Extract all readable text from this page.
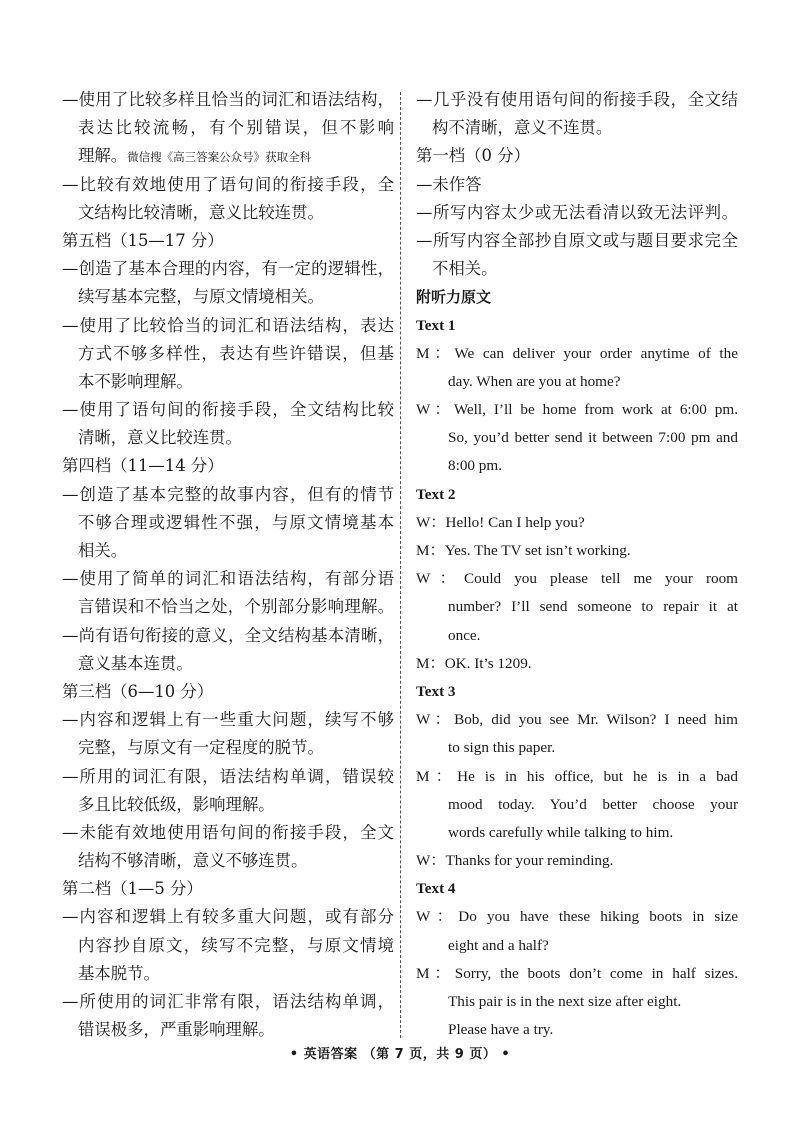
—使用了比较多样且恰当的词汇和语法结构，
表达比较流畅，有个别错误，但不影响
理解。微信搜《高三答案公众号》获取全科
—比较有效地使用了语句间的衔接手段，全
文结构比较清晰，意义比较连贯。
第五档（15—17 分）
—创造了基本合理的内容，有一定的逻辑性，
续写基本完整，与原文情境相关。
—使用了比较恰当的词汇和语法结构，表达
方式不够多样性，表达有些许错误，但基
本不影响理解。
—使用了语句间的衔接手段，全文结构比较
清晰，意义比较连贯。
第四档（11—14 分）
—创造了基本完整的故事内容，但有的情节
不够合理或逻辑性不强，与原文情境基本
相关。
—使用了简单的词汇和语法结构，有部分语
言错误和不恰当之处，个别部分影响理解。
—尚有语句衔接的意义，全文结构基本清晰，
意义基本连贯。
第三档（6—10 分）
—内容和逻辑上有一些重大问题，续写不够
完整，与原文有一定程度的脱节。
—所用的词汇有限，语法结构单调，错误较
多且比较低级，影响理解。
—未能有效地使用语句间的衔接手段，全文
结构不够清晰，意义不够连贯。
第二档（1—5 分）
—内容和逻辑上有较多重大问题，或有部分
内容抄自原文，续写不完整，与原文情境
基本脱节。
—所使用的词汇非常有限，语法结构单调，
错误极多，严重影响理解。
—几乎没有使用语句间的衔接手段，全文结
构不清晰，意义不连贯。
第一档（0 分）
—未作答
—所写内容太少或无法看清以致无法评判。
—所写内容全部抄自原文或与题目要求完全
不相关。
附听力原文
Text 1
M：We can deliver your order anytime of the
day. When are you at home?
W：Well, I’ll be home from work at 6:00 pm.
So, you’d better send it between 7:00 pm and
8:00 pm.
Text 2
W：Hello! Can I help you?
M：Yes. The TV set isn’t working.
W：Could you please tell me your room
number? I’ll send someone to repair it at
once.
M：OK. It’s 1209.
Text 3
W：Bob, did you see Mr. Wilson? I need him
to sign this paper.
M：He is in his office, but he is in a bad
mood today. You’d better choose your
words carefully while talking to him.
W：Thanks for your reminding.
Text 4
W：Do you have these hiking boots in size
eight and a half?
M：Sorry, the boots don’t come in half sizes.
This pair is in the next size after eight.
Please have a try.
• 英语答案 （第 7 页，共 9 页） •
